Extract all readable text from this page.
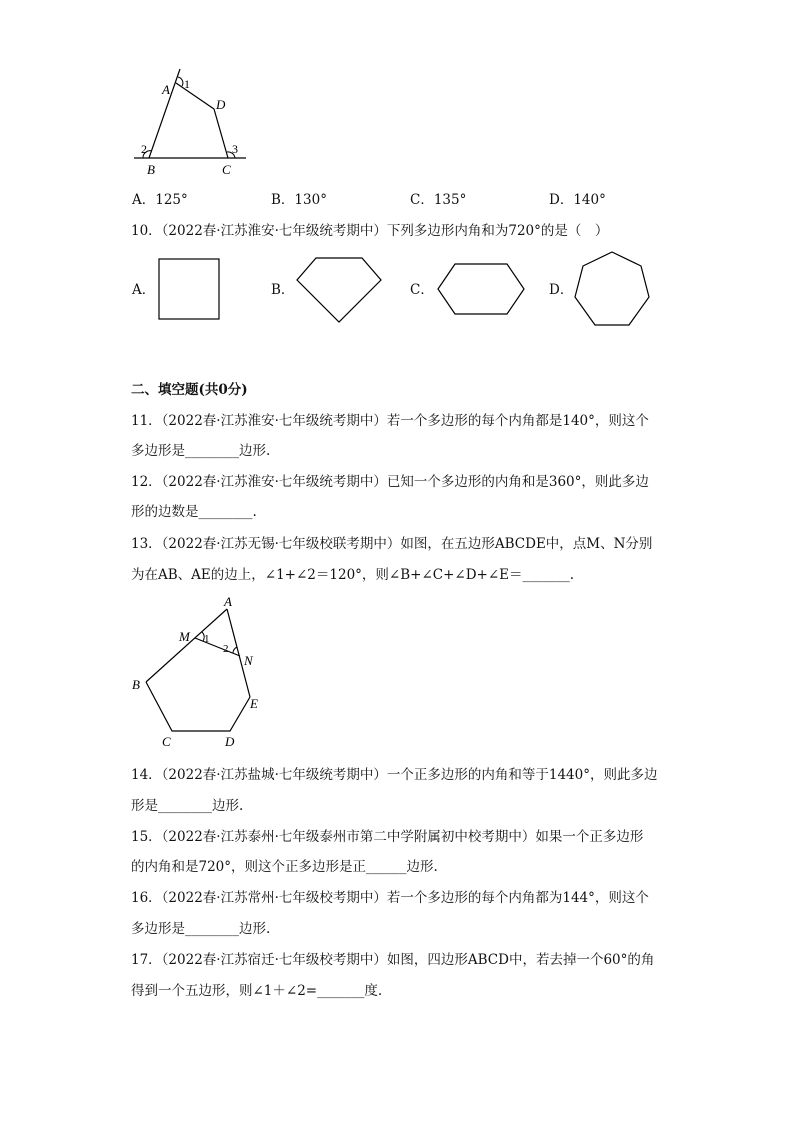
A 1
D
2	3
B	C
A．125°	B．130°	C．135°	D．140°
10．（2022春·江苏淮安·七年级统考期中）下列多边形内角和为720°的是（　）
A．	B．	C．	D．
二、填空题(共0分)
11．（2022春·江苏淮安·七年级统考期中）若一个多边形的每个内角都是140°，则这个
多边形是________边形.
12．（2022春·江苏淮安·七年级统考期中）已知一个多边形的内角和是360°，则此多边
形的边数是________.
13．（2022春·江苏无锡·七年级校联考期中）如图，在五边形ABCDE中，点M、N分别
为在AB、AE的边上，∠1+∠2＝120°，则∠B+∠C+∠D+∠E＝_______.
A
M 1
2
N
B
E
C	D
14．（2022春·江苏盐城·七年级统考期中）一个正多边形的内角和等于1440°，则此多边
形是________边形.
15．（2022春·江苏泰州·七年级泰州市第二中学附属初中校考期中）如果一个正多边形
的内角和是720°，则这个正多边形是正______边形.
16．（2022春·江苏常州·七年级校考期中）若一个多边形的每个内角都为144°，则这个
多边形是________边形.
17．（2022春·江苏宿迁·七年级校考期中）如图，四边形ABCD中，若去掉一个60°的角
得到一个五边形，则∠1＋∠2=_______度.
